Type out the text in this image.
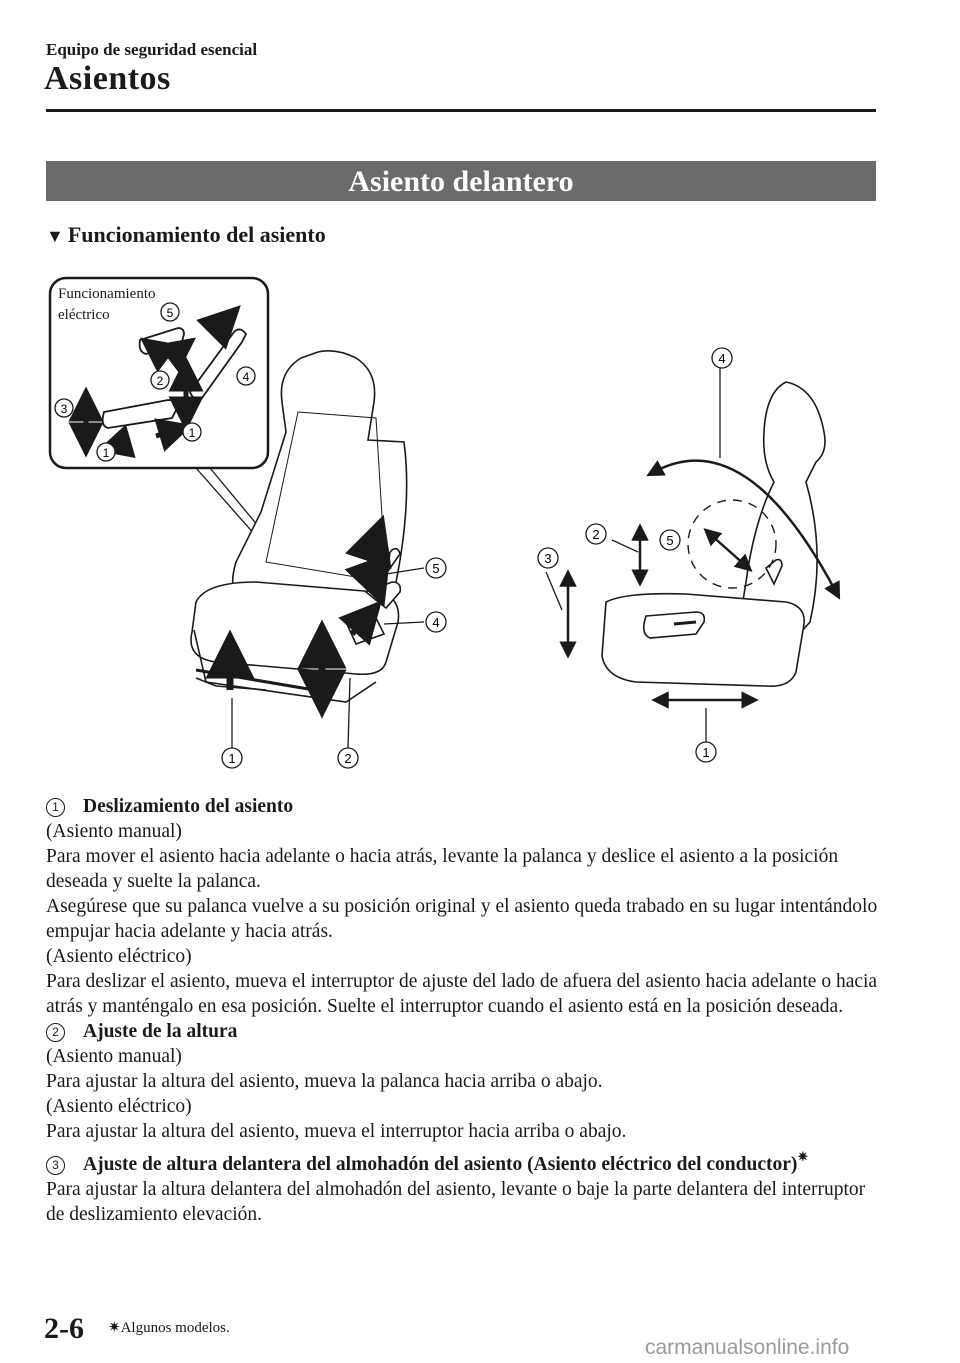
Equipo de seguridad esencial
Asientos
Asiento delantero
▼ Funcionamiento del asiento
Funcionamiento
eléctrico	5
2	4
3
1
1
1	2
5
4
4
2	5
3
1

1 Deslizamiento del asiento

(Asiento manual)

Para mover el asiento hacia adelante o hacia atrás, levante la palanca y deslice el asiento a la posición deseada y suelte la palanca.

Asegúrese que su palanca vuelve a su posición original y el asiento queda trabado en su lugar intentándolo empujar hacia adelante y hacia atrás.

(Asiento eléctrico)

Para deslizar el asiento, mueva el interruptor de ajuste del lado de afuera del asiento hacia adelante o hacia atrás y manténgalo en esa posición. Suelte el interruptor cuando el asiento está en la posición deseada.

2 Ajuste de la altura

(Asiento manual)

Para ajustar la altura del asiento, mueva la palanca hacia arriba o abajo.

(Asiento eléctrico)

Para ajustar la altura del asiento, mueva el interruptor hacia arriba o abajo.

3 Ajuste de altura delantera del almohadón del asiento (Asiento eléctrico del conductor)✷

Para ajustar la altura delantera del almohadón del asiento, levante o baje la parte delantera del interruptor de deslizamiento elevación.

2-6 ✷Algunos modelos.
carmanualsonline.info
